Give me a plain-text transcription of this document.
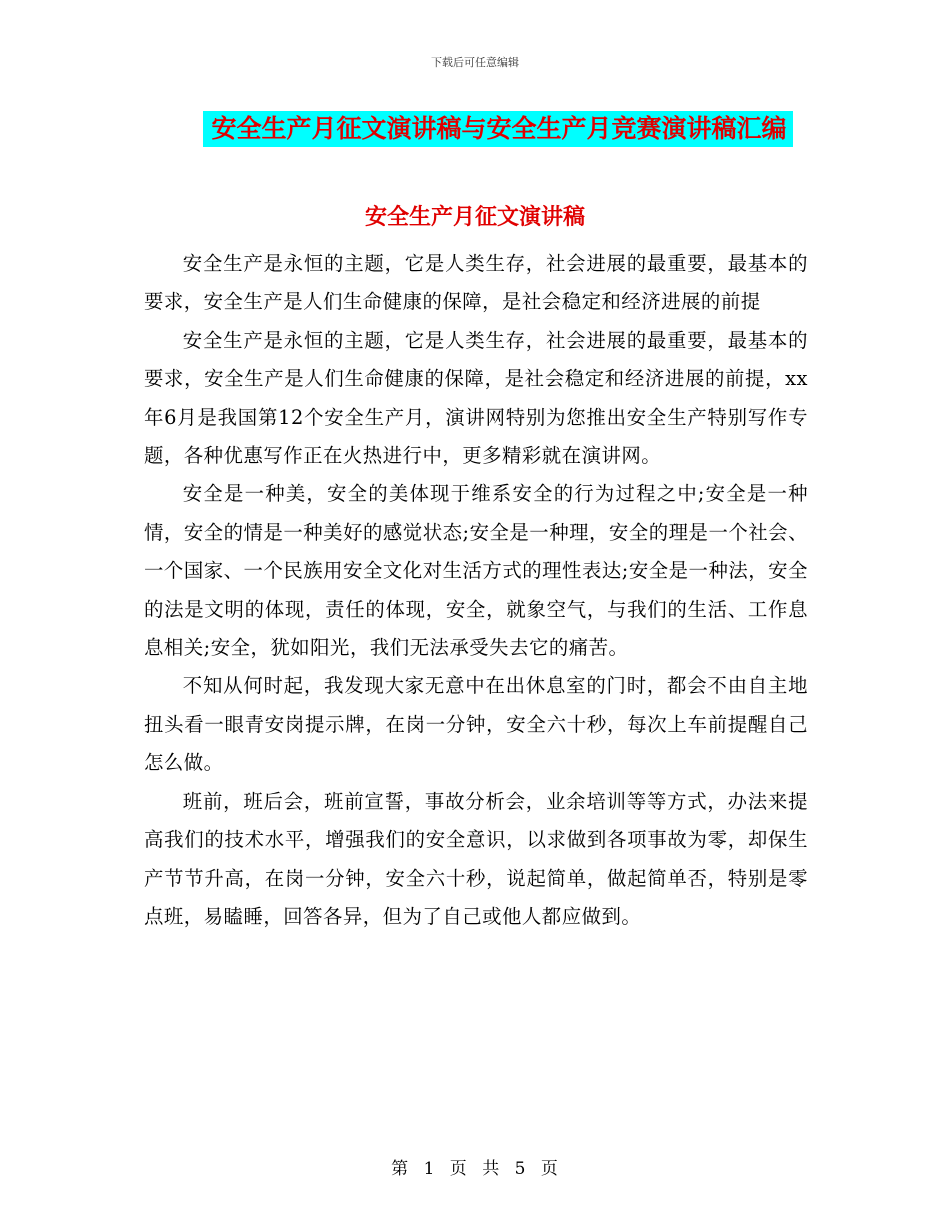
下载后可任意编辑
安全生产月征文演讲稿与安全生产月竞赛演讲稿汇编
安全生产月征文演讲稿

安全生产是永恒的主题，它是人类生存，社会进展的最重要，最基本的要求，安全生产是人们生命健康的保障，是社会稳定和经济进展的前提

安全生产是永恒的主题，它是人类生存，社会进展的最重要，最基本的要求，安全生产是人们生命健康的保障，是社会稳定和经济进展的前提，xx年6月是我国第12个安全生产月，演讲网特别为您推出安全生产特别写作专题，各种优惠写作正在火热进行中，更多精彩就在演讲网。

安全是一种美，安全的美体现于维系安全的行为过程之中;安全是一种情，安全的情是一种美好的感觉状态;安全是一种理，安全的理是一个社会、一个国家、一个民族用安全文化对生活方式的理性表达;安全是一种法，安全的法是文明的体现，责任的体现，安全，就象空气，与我们的生活、工作息息相关;安全，犹如阳光，我们无法承受失去它的痛苦。

不知从何时起，我发现大家无意中在出休息室的门时，都会不由自主地扭头看一眼青安岗提示牌，在岗一分钟，安全六十秒，每次上车前提醒自己怎么做。

班前，班后会，班前宣誓，事故分析会，业余培训等等方式，办法来提高我们的技术水平，增强我们的安全意识，以求做到各项事故为零，却保生产节节升高，在岗一分钟，安全六十秒，说起简单，做起简单否，特别是零点班，易瞌睡，回答各异，但为了自己或他人都应做到。

第 1 页 共 5 页
